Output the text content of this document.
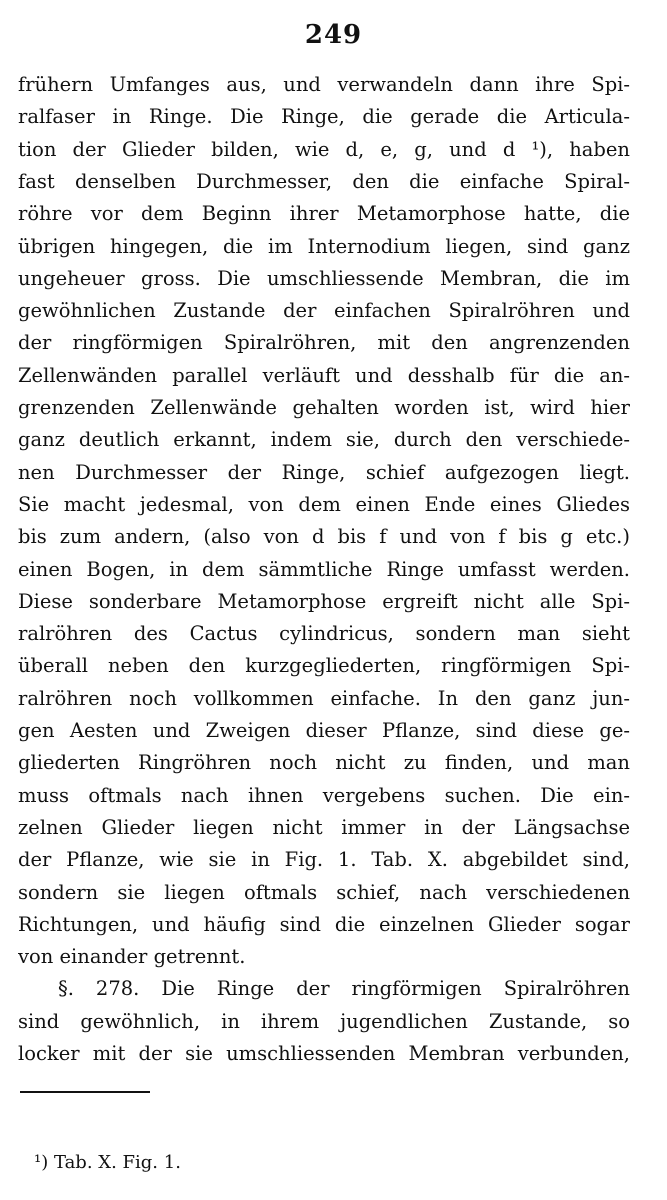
249
frühern Umfanges aus, und verwandeln dann ihre Spi-
ralfaser in Ringe. Die Ringe, die gerade die Articula-
tion der Glieder bilden, wie d, e, g, und d ¹), haben
fast denselben Durchmesser, den die einfache Spiral-
röhre vor dem Beginn ihrer Metamorphose hatte, die
übrigen hingegen, die im Internodium liegen, sind ganz
ungeheuer gross. Die umschliessende Membran, die im
gewöhnlichen Zustande der einfachen Spiralröhren und
der ringförmigen Spiralröhren, mit den angrenzenden
Zellenwänden parallel verläuft und desshalb für die an-
grenzenden Zellenwände gehalten worden ist, wird hier
ganz deutlich erkannt, indem sie, durch den verschiede-
nen Durchmesser der Ringe, schief aufgezogen liegt.
Sie macht jedesmal, von dem einen Ende eines Gliedes
bis zum andern, (also von d bis f und von f bis g etc.)
einen Bogen, in dem sämmtliche Ringe umfasst werden.
Diese sonderbare Metamorphose ergreift nicht alle Spi-
ralröhren des Cactus cylindricus, sondern man sieht
überall neben den kurzgegliederten, ringförmigen Spi-
ralröhren noch vollkommen einfache. In den ganz jun-
gen Aesten und Zweigen dieser Pflanze, sind diese ge-
gliederten Ringröhren noch nicht zu finden, und man
muss oftmals nach ihnen vergebens suchen. Die ein-
zelnen Glieder liegen nicht immer in der Längsachse
der Pflanze, wie sie in Fig. 1. Tab. X. abgebildet sind,
sondern sie liegen oftmals schief, nach verschiedenen
Richtungen, und häufig sind die einzelnen Glieder sogar
von einander getrennt.
§. 278. Die Ringe der ringförmigen Spiralröhren
sind gewöhnlich, in ihrem jugendlichen Zustande, so
locker mit der sie umschliessenden Membran verbunden,
¹) Tab. X. Fig. 1.
